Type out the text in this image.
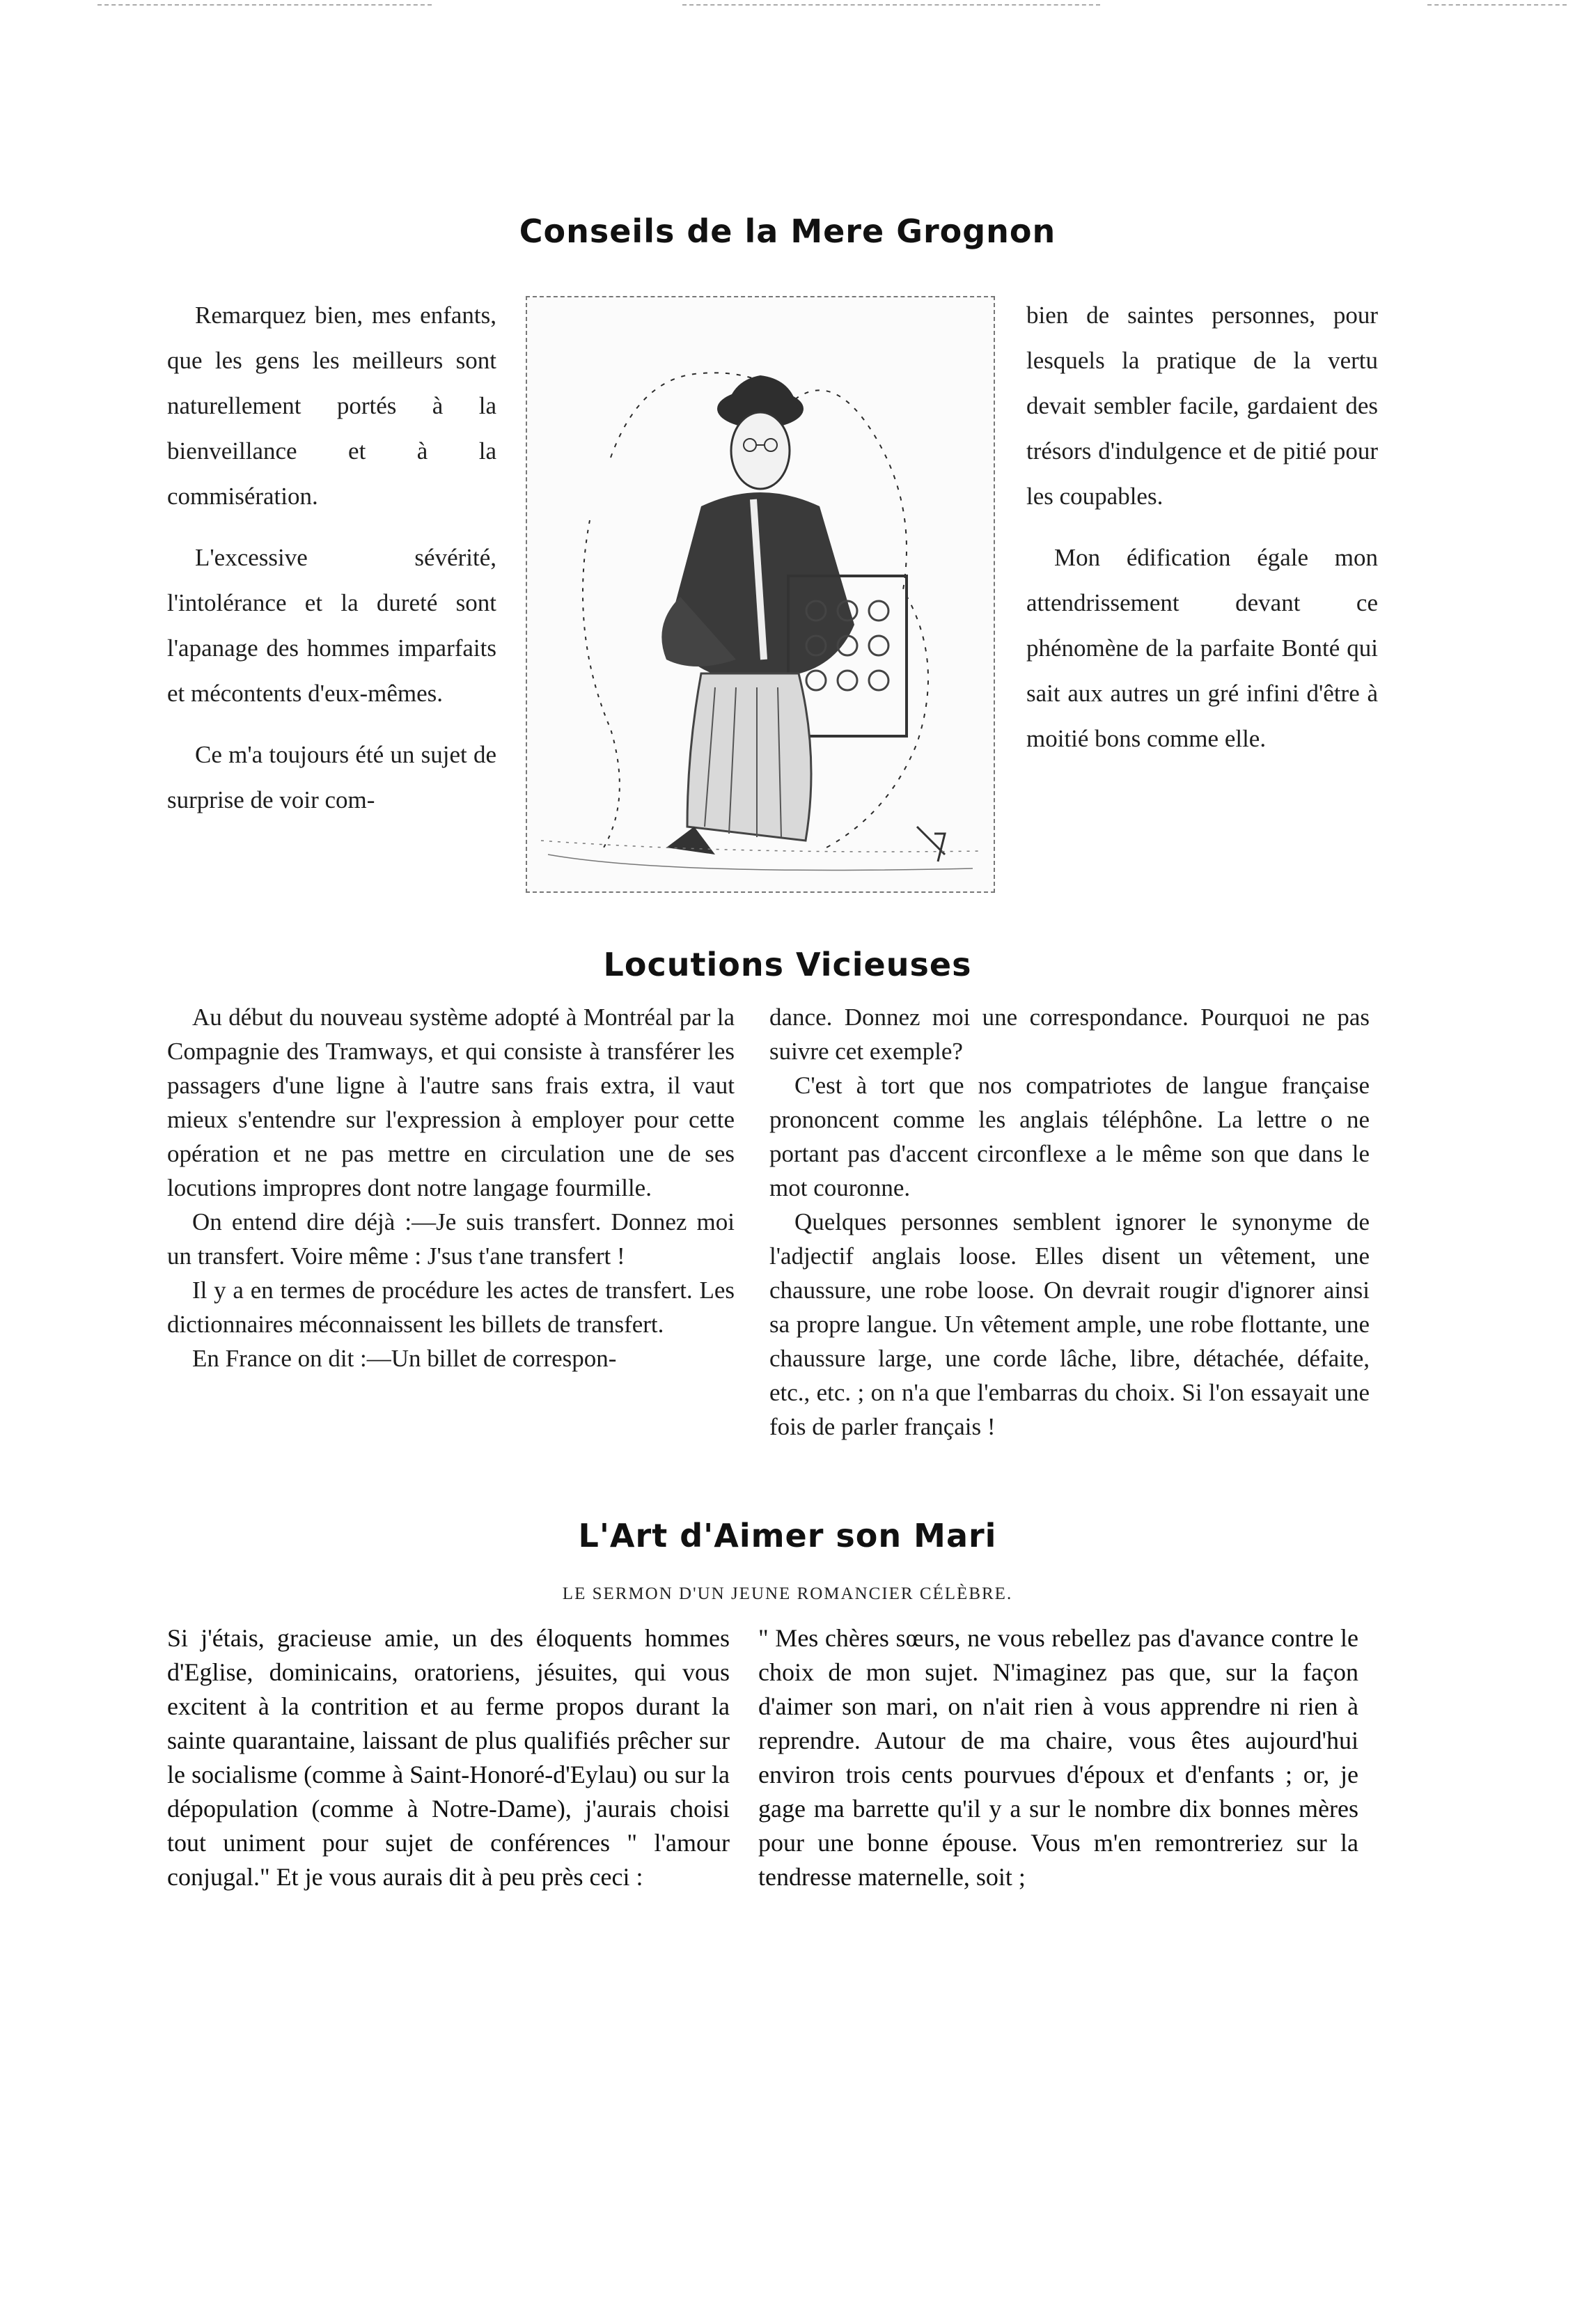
Conseils de la Mere Grognon

Remarquez bien, mes enfants, que les gens les meilleurs sont naturellement portés à la bienveillance et à la commisération.

L'excessive sévérité, l'intolérance et la dureté sont l'apanage des hommes imparfaits et mécontents d'eux-mêmes.

Ce m'a toujours été un sujet de surprise de voir com-

bien de saintes personnes, pour lesquels la pratique de la vertu devait sembler facile, gardaient des trésors d'indulgence et de pitié pour les coupables.

Mon édification égale mon attendrissement devant ce phénomène de la parfaite Bonté qui sait aux autres un gré infini d'être à moitié bons comme elle.

Locutions Vicieuses

Au début du nouveau système adopté à Montréal par la Compagnie des Tramways, et qui consiste à transférer les passagers d'une ligne à l'autre sans frais extra, il vaut mieux s'entendre sur l'expression à employer pour cette opération et ne pas mettre en circulation une de ses locutions impropres dont notre langage fourmille.

On entend dire déjà :—Je suis transfert. Donnez moi un transfert. Voire même : J'sus t'ane transfert !

Il y a en termes de procédure les actes de transfert. Les dictionnaires méconnaissent les billets de transfert.

En France on dit :—Un billet de correspon-

dance. Donnez moi une correspondance. Pourquoi ne pas suivre cet exemple?

C'est à tort que nos compatriotes de langue française prononcent comme les anglais téléphône. La lettre o ne portant pas d'accent circonflexe a le même son que dans le mot couronne.

Quelques personnes semblent ignorer le synonyme de l'adjectif anglais loose. Elles disent un vêtement, une chaussure, une robe loose. On devrait rougir d'ignorer ainsi sa propre langue. Un vêtement ample, une robe flottante, une chaussure large, une corde lâche, libre, détachée, défaite, etc., etc. ; on n'a que l'embarras du choix. Si l'on essayait une fois de parler français !

L'Art d'Aimer son Mari
LE SERMON D'UN JEUNE ROMANCIER CÉLÈBRE.

Si j'étais, gracieuse amie, un des éloquents hommes d'Eglise, dominicains, oratoriens, jésuites, qui vous excitent à la contrition et au ferme propos durant la sainte quarantaine, laissant de plus qualifiés prêcher sur le socialisme (comme à Saint-Honoré-d'Eylau) ou sur la dépopulation (comme à Notre-Dame), j'aurais choisi tout uniment pour sujet de conférences " l'amour conjugal." Et je vous aurais dit à peu près ceci :

" Mes chères sœurs, ne vous rebellez pas d'avance contre le choix de mon sujet. N'imaginez pas que, sur la façon d'aimer son mari, on n'ait rien à vous apprendre ni rien à reprendre. Autour de ma chaire, vous êtes aujourd'hui environ trois cents pourvues d'époux et d'enfants ; or, je gage ma barrette qu'il y a sur le nombre dix bonnes mères pour une bonne épouse. Vous m'en remontreriez sur la tendresse maternelle, soit ;
